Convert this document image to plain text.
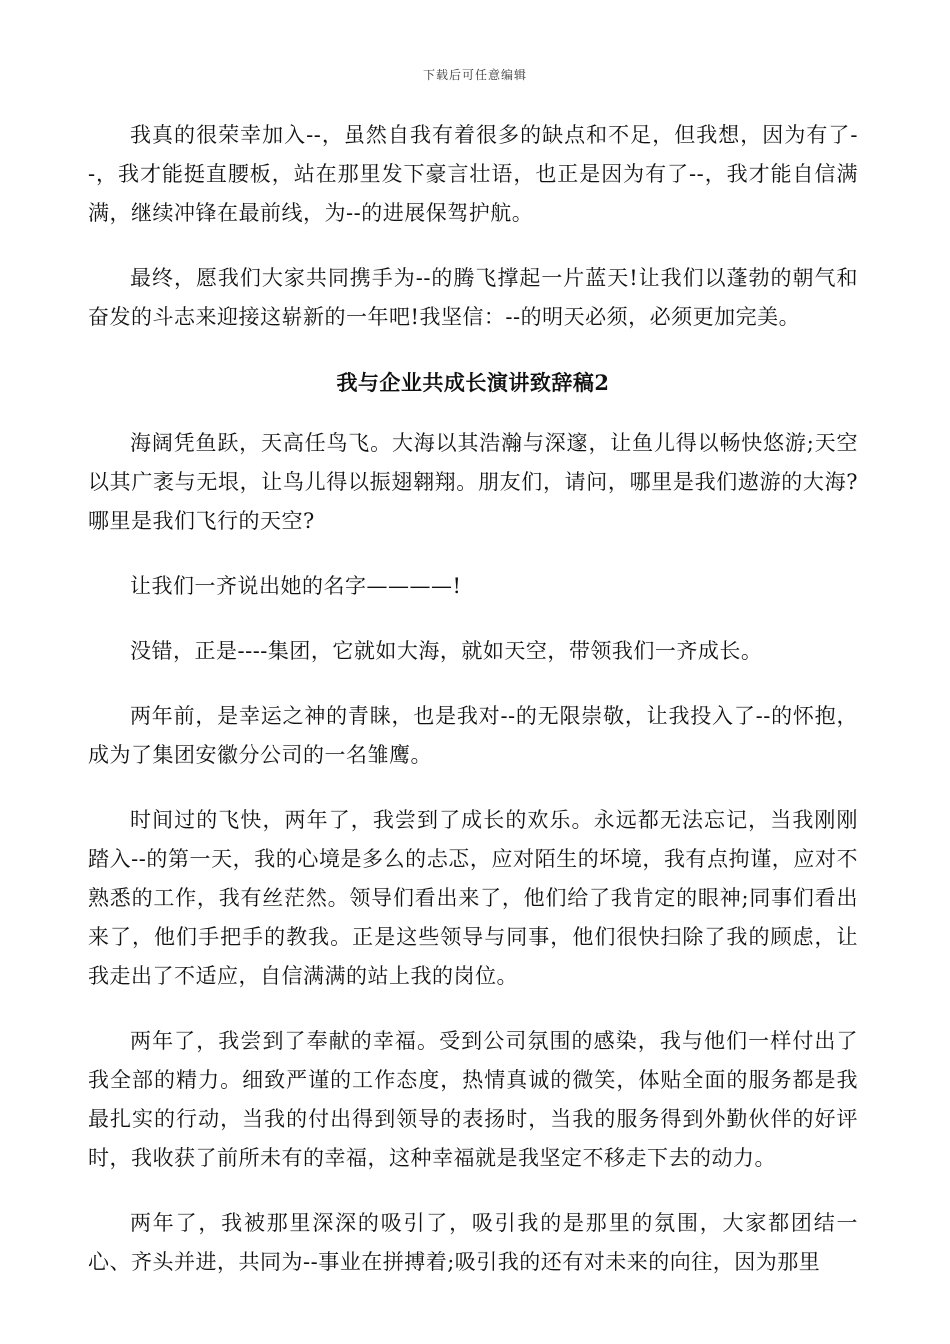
下载后可任意编辑

我真的很荣幸加入--，虽然自我有着很多的缺点和不足，但我想，因为有了--，我才能挺直腰板，站在那里发下豪言壮语，也正是因为有了--，我才能自信满满，继续冲锋在最前线，为--的进展保驾护航。

最终，愿我们大家共同携手为--的腾飞撑起一片蓝天!让我们以蓬勃的朝气和奋发的斗志来迎接这崭新的一年吧!我坚信：--的明天必须，必须更加完美。

我与企业共成长演讲致辞稿2

海阔凭鱼跃，天高任鸟飞。大海以其浩瀚与深邃，让鱼儿得以畅快悠游;天空以其广袤与无垠，让鸟儿得以振翅翱翔。朋友们，请问，哪里是我们遨游的大海?哪里是我们飞行的天空?

让我们一齐说出她的名字————!

没错，正是----集团，它就如大海，就如天空，带领我们一齐成长。

两年前，是幸运之神的青睐，也是我对--的无限崇敬，让我投入了--的怀抱，成为了集团安徽分公司的一名雏鹰。

时间过的飞快，两年了，我尝到了成长的欢乐。永远都无法忘记，当我刚刚踏入--的第一天，我的心境是多么的忐忑，应对陌生的坏境，我有点拘谨，应对不熟悉的工作，我有丝茫然。领导们看出来了，他们给了我肯定的眼神;同事们看出来了，他们手把手的教我。正是这些领导与同事，他们很快扫除了我的顾虑，让我走出了不适应，自信满满的站上我的岗位。

两年了，我尝到了奉献的幸福。受到公司氛围的感染，我与他们一样付出了我全部的精力。细致严谨的工作态度，热情真诚的微笑，体贴全面的服务都是我最扎实的行动，当我的付出得到领导的表扬时，当我的服务得到外勤伙伴的好评时，我收获了前所未有的幸福，这种幸福就是我坚定不移走下去的动力。

两年了，我被那里深深的吸引了，吸引我的是那里的氛围，大家都团结一心、齐头并进，共同为--事业在拼搏着;吸引我的还有对未来的向往，因为那里
